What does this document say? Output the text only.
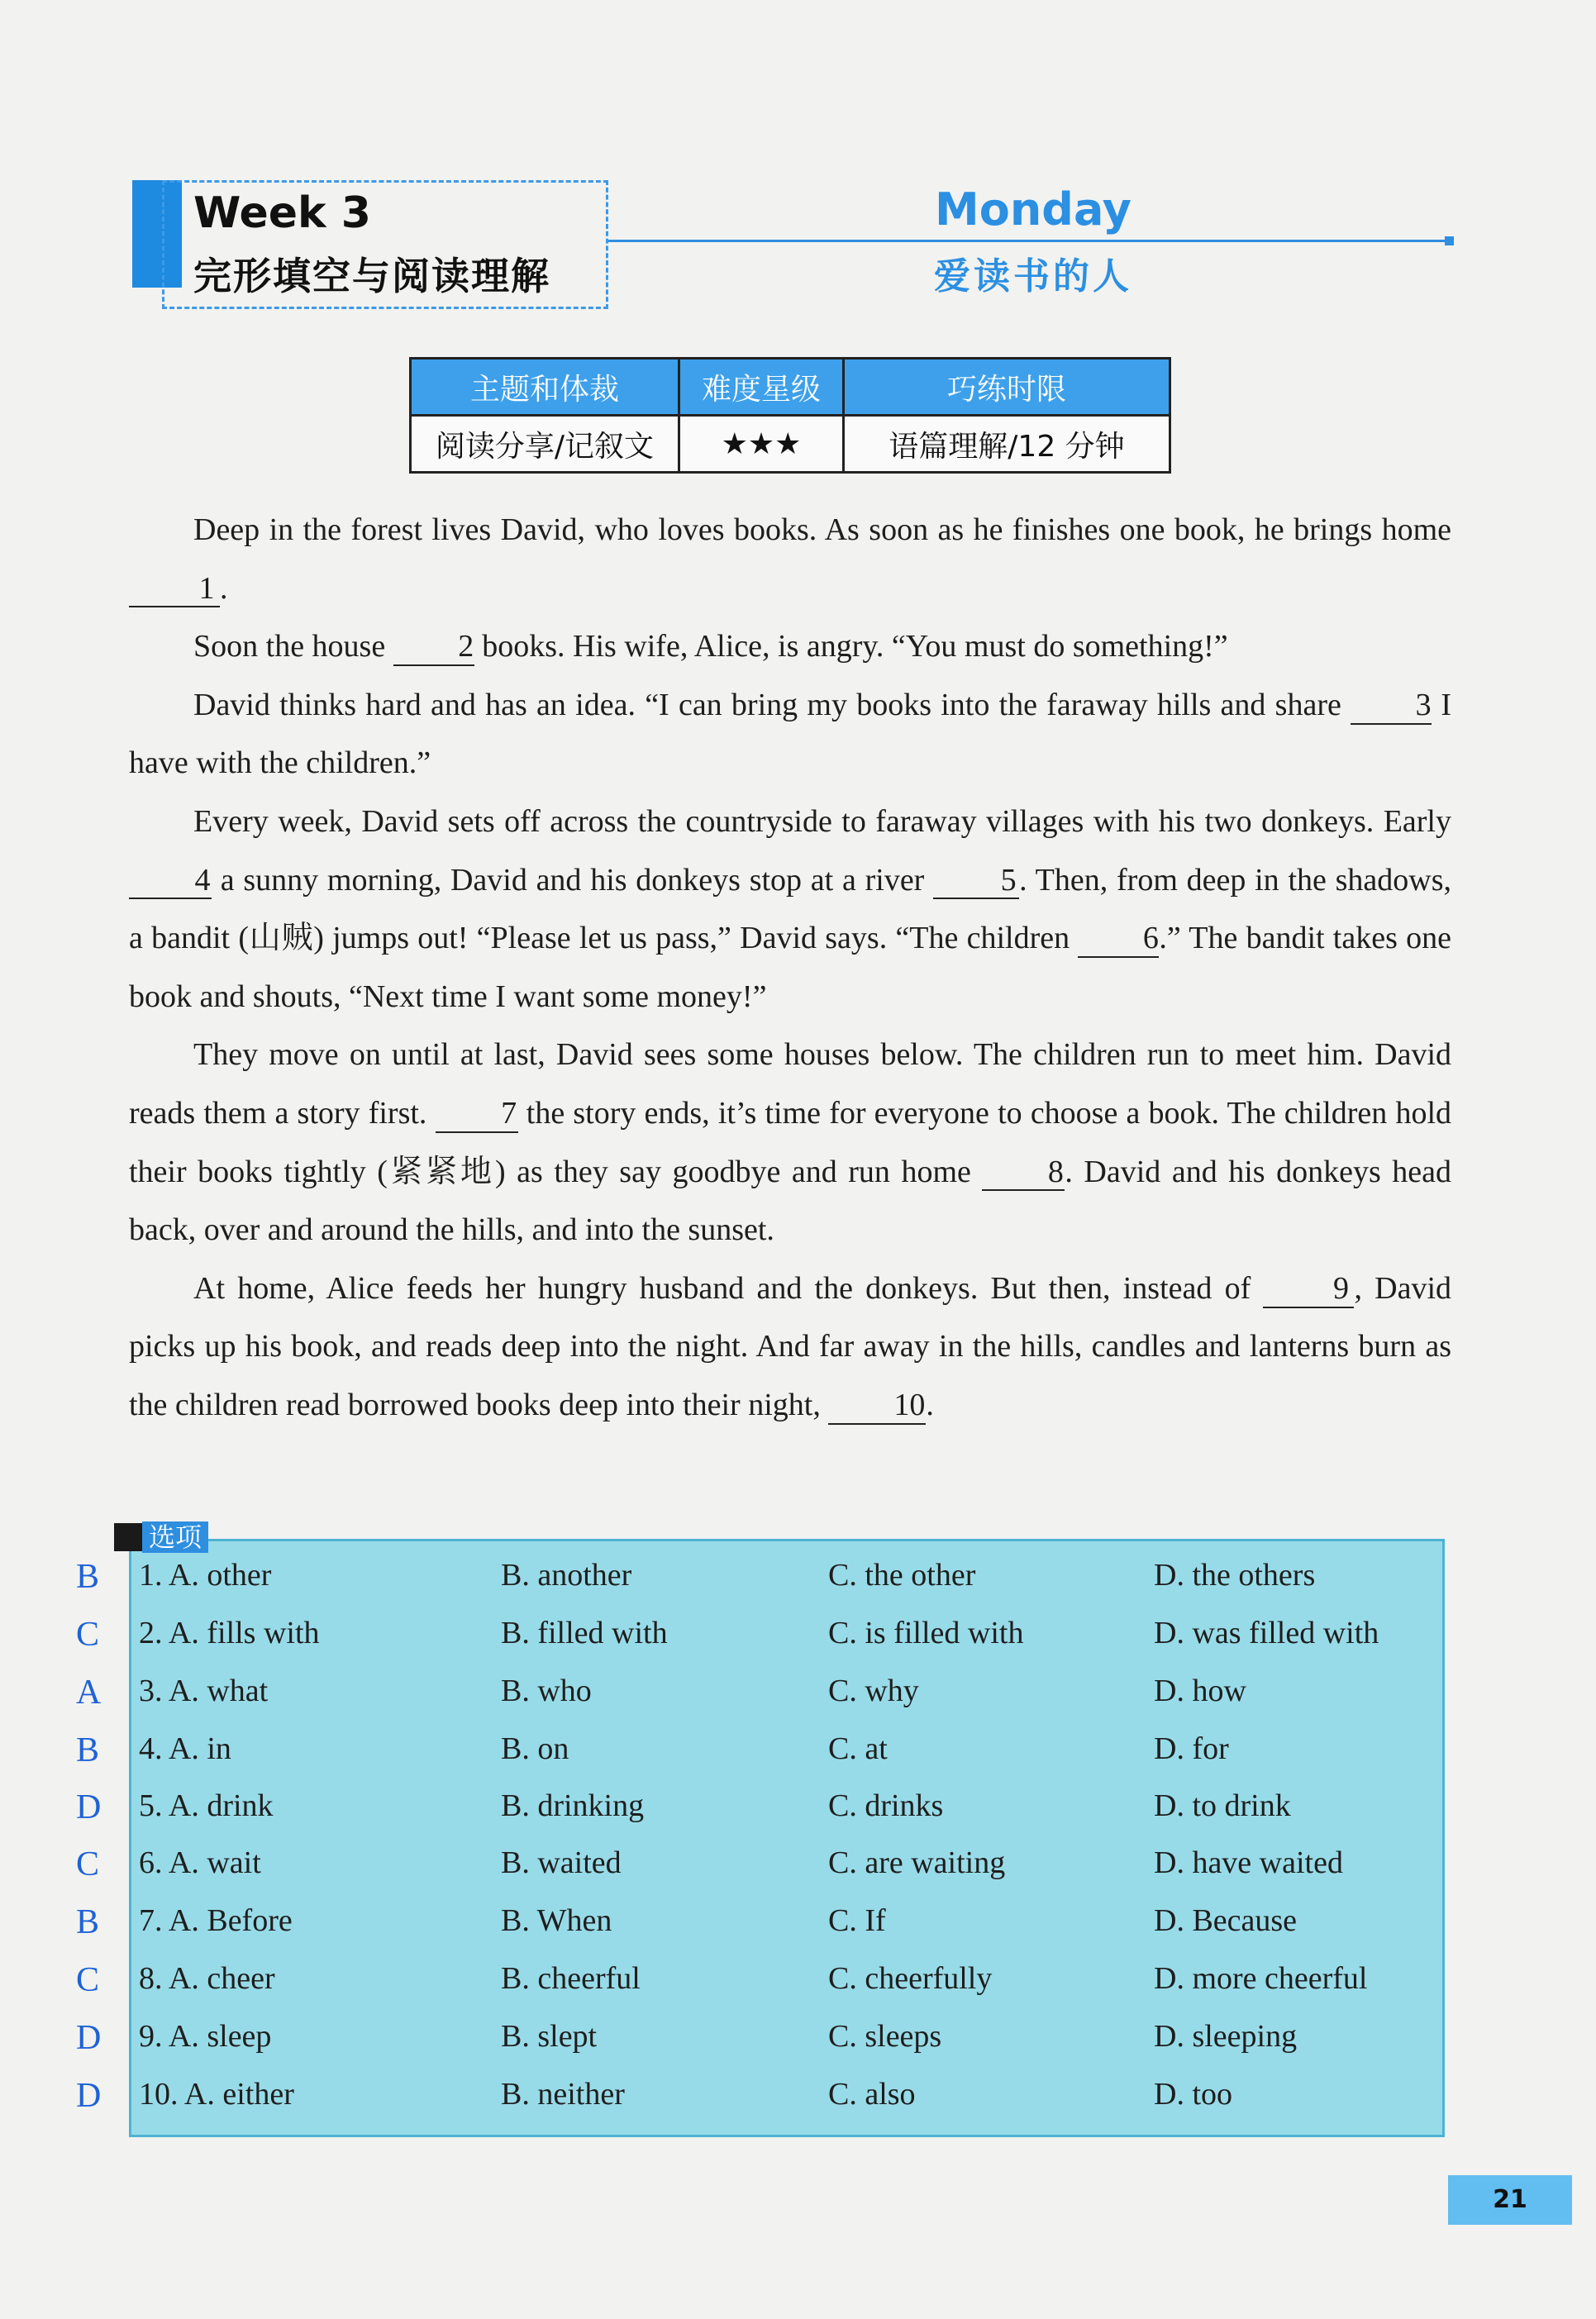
Week 3
完形填空与阅读理解
Monday
爱读书的人
主题和体裁	难度星级	巧练时限
阅读分享/记叙文	★★★	语篇理解/12 分钟

Deep in the forest lives David, who loves books. As soon as he finishes one book, he brings home 1 .

Soon the house 2 books. His wife, Alice, is angry. “You must do something!”

David thinks hard and has an idea. “I can bring my books into the faraway hills and share 3 I have with the children.”

Every week, David sets off across the countryside to faraway villages with his two donkeys. Early 4 a sunny morning, David and his donkeys stop at a river 5. Then, from deep in the shadows, a bandit (山贼) jumps out! “Please let us pass,” David says. “The children 6.” The bandit takes one book and shouts, “Next time I want some money!”

They move on until at last, David sees some houses below. The children run to meet him. David reads them a story first. 7 the story ends, it’s time for everyone to choose a book. The children hold their books tightly (紧紧地) as they say goodbye and run home 8. David and his donkeys head back, over and around the hills, and into the sunset.

At home, Alice feeds her hungry husband and the donkeys. But then, instead of 9 , David picks up his book, and reads deep into the night. And far away in the hills, candles and lanterns burn as the children read borrowed books deep into their night, 10.

选项
B	1. A. other	B. another	C. the other	D. the others
C	2. A. fills with	B. filled with	C. is filled with	D. was filled with
A 3. A. what	B. who	C. why	D. how
B	4. A. in	B. on	C. at	D. for
D 5. A. drink	B. drinking	C. drinks	D. to drink
C	6. A. wait	B. waited	C. are waiting	D. have waited
B	7. A. Before	B. When	C. If	D. Because
C	8. A. cheer	B. cheerful	C. cheerfully	D. more cheerful
D 9. A. sleep	B. slept	C. sleeps	D. sleeping
D 10. A. either	B. neither	C. also	D. too
21
